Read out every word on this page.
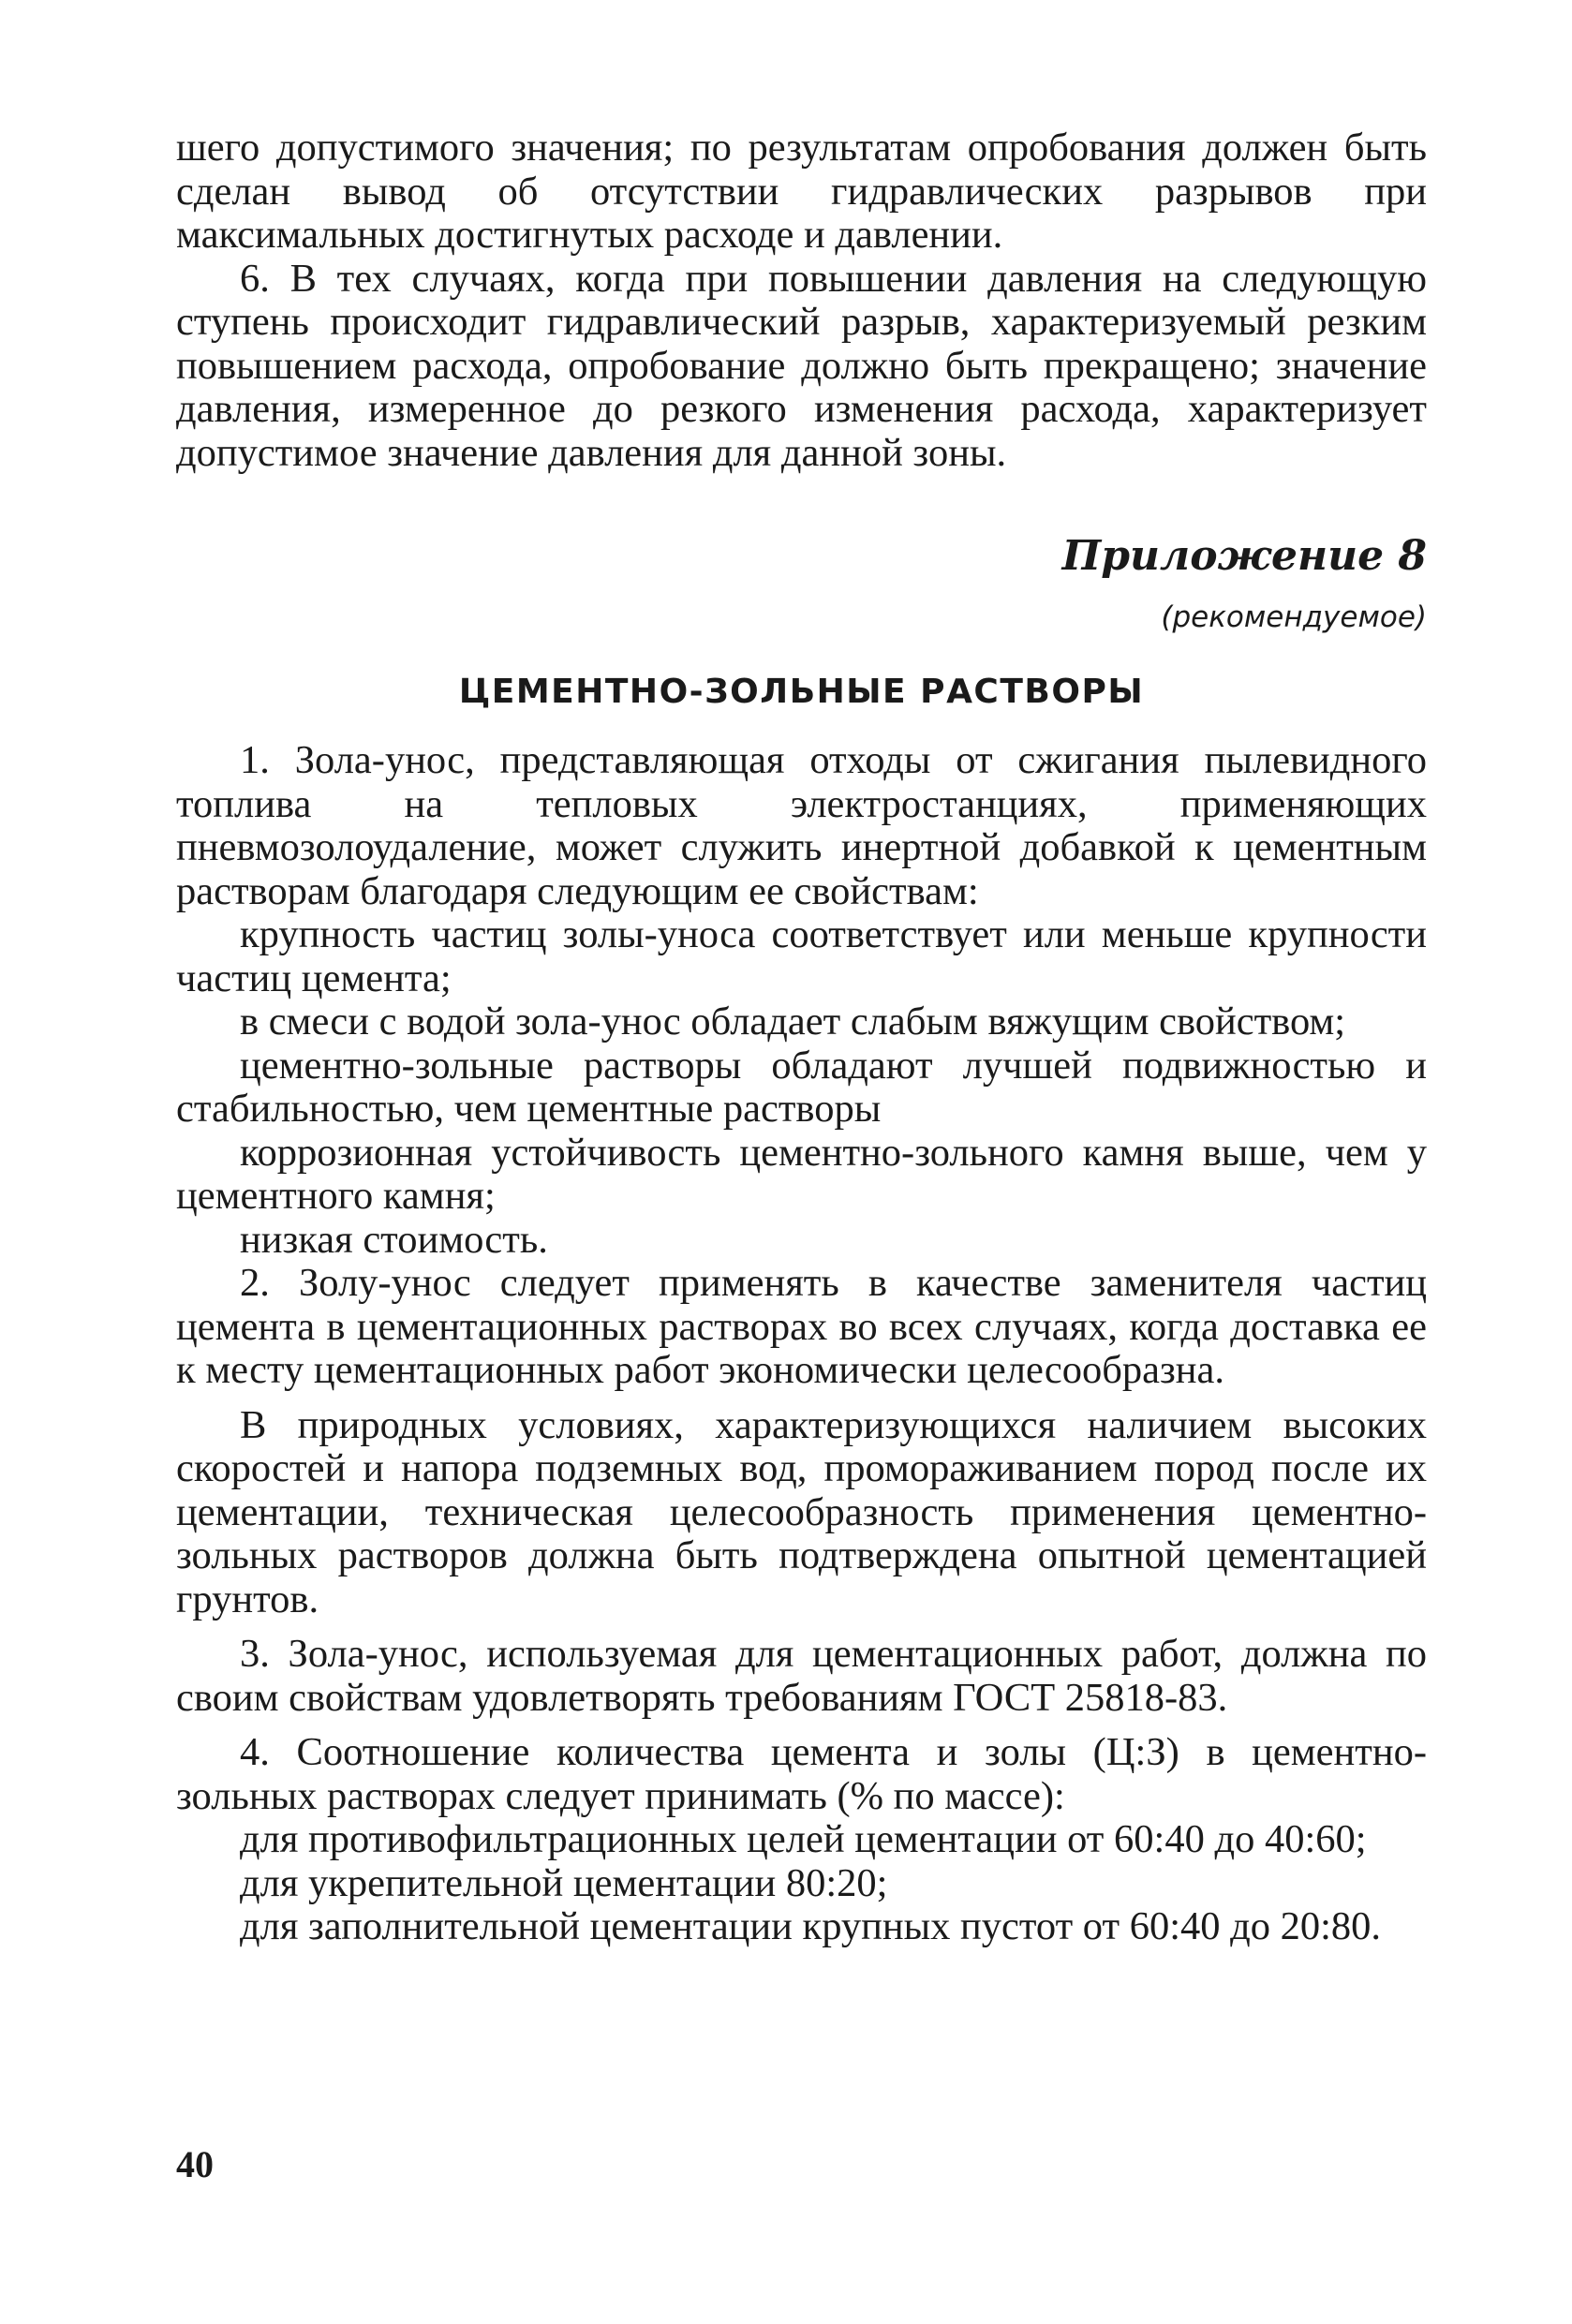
шего допустимого значения; по результатам опробования должен быть сделан вывод об отсутствии гидравлических разрывов при максимальных достигнутых расходе и давлении.

6. В тех случаях, когда при повышении давления на следующую ступень происходит гидравлический разрыв, характеризуемый резким повышением расхода, опробование должно быть прекращено; значение давления, измеренное до резкого изменения расхода, характеризует допустимое значение давления для данной зоны.

Приложение 8
(рекомендуемое)
ЦЕМЕНТНО-ЗОЛЬНЫЕ РАСТВОРЫ

1. Зола-унос, представляющая отходы от сжигания пылевидного топлива на тепловых электростанциях, применяющих пневмозолоудаление, может служить инертной добавкой к цементным растворам благодаря следующим ее свойствам:

крупность частиц золы-уноса соответствует или меньше крупности частиц цемента;

в смеси с водой зола-унос обладает слабым вяжущим свойством;

цементно-зольные растворы обладают лучшей подвижностью и стабильностью, чем цементные растворы

коррозионная устойчивость цементно-зольного камня выше, чем у цементного камня;

низкая стоимость.

2. Золу-унос следует применять в качестве заменителя частиц цемента в цементационных растворах во всех случаях, когда доставка ее к месту цементационных работ экономически целесообразна.

В природных условиях, характеризующихся наличием высоких скоростей и напора подземных вод, промораживанием пород после их цементации, техническая целесообразность применения цементно-зольных растворов должна быть подтверждена опытной цементацией грунтов.

3. Зола-унос, используемая для цементационных работ, должна по своим свойствам удовлетворять требованиям ГОСТ 25818-83.

4. Соотношение количества цемента и золы (Ц:З) в цементно-зольных растворах следует принимать (% по массе):

для противофильтрационных целей цементации от 60:40 до 40:60;

для укрепительной цементации 80:20;

для заполнительной цементации крупных пустот от 60:40 до 20:80.

40
